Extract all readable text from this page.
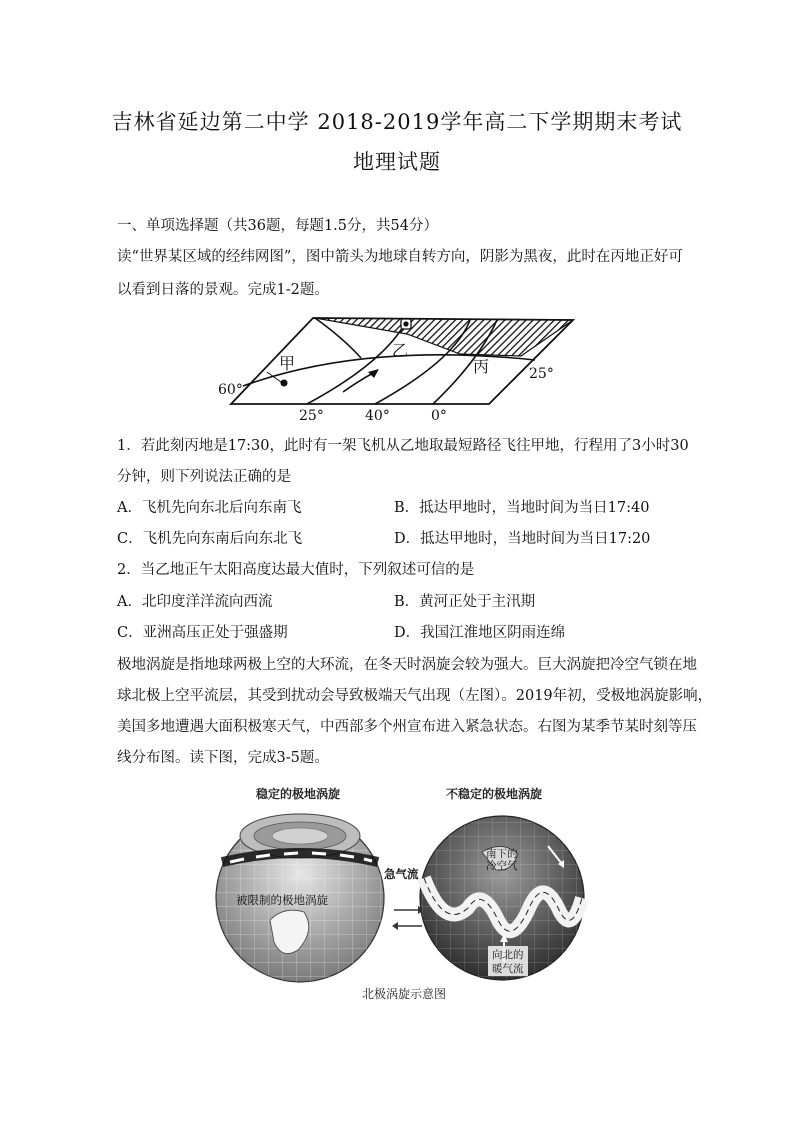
吉林省延边第二中学 2018-2019学年高二下学期期末考试
地理试题
一、单项选择题（共36题，每题1.5分，共54分）
读“世界某区域的经纬网图”，图中箭头为地球自转方向，阴影为黑夜，此时在丙地正好可
以看到日落的景观。完成1-2题。
甲
乙
丙
60°
25°
25°	40°	0°
1．若此刻丙地是17:30，此时有一架飞机从乙地取最短路径飞往甲地，行程用了3小时30
分钟，则下列说法正确的是
A．飞机先向东北后向东南飞	B．抵达甲地时，当地时间为当日17:40
C．飞机先向东南后向东北飞	D．抵达甲地时，当地时间为当日17:20
2．当乙地正午太阳高度达最大值时，下列叙述可信的是
A．北印度洋洋流向西流	B．黄河正处于主汛期
C．亚洲高压正处于强盛期	D．我国江淮地区阴雨连绵
极地涡旋是指地球两极上空的大环流，在冬天时涡旋会较为强大。巨大涡旋把冷空气锁在地
球北极上空平流层，其受到扰动会导致极端天气出现（左图）。2019年初，受极地涡旋影响，
美国多地遭遇大面积极寒天气，中西部多个州宣布进入紧急状态。右图为某季节某时刻等压
线分布图。读下图，完成3-5题。
稳定的极地涡旋
被限制的极地涡旋
急气流
不稳定的极地涡旋
南下的
冷空气
向北的
暖气流
北极涡旋示意图
